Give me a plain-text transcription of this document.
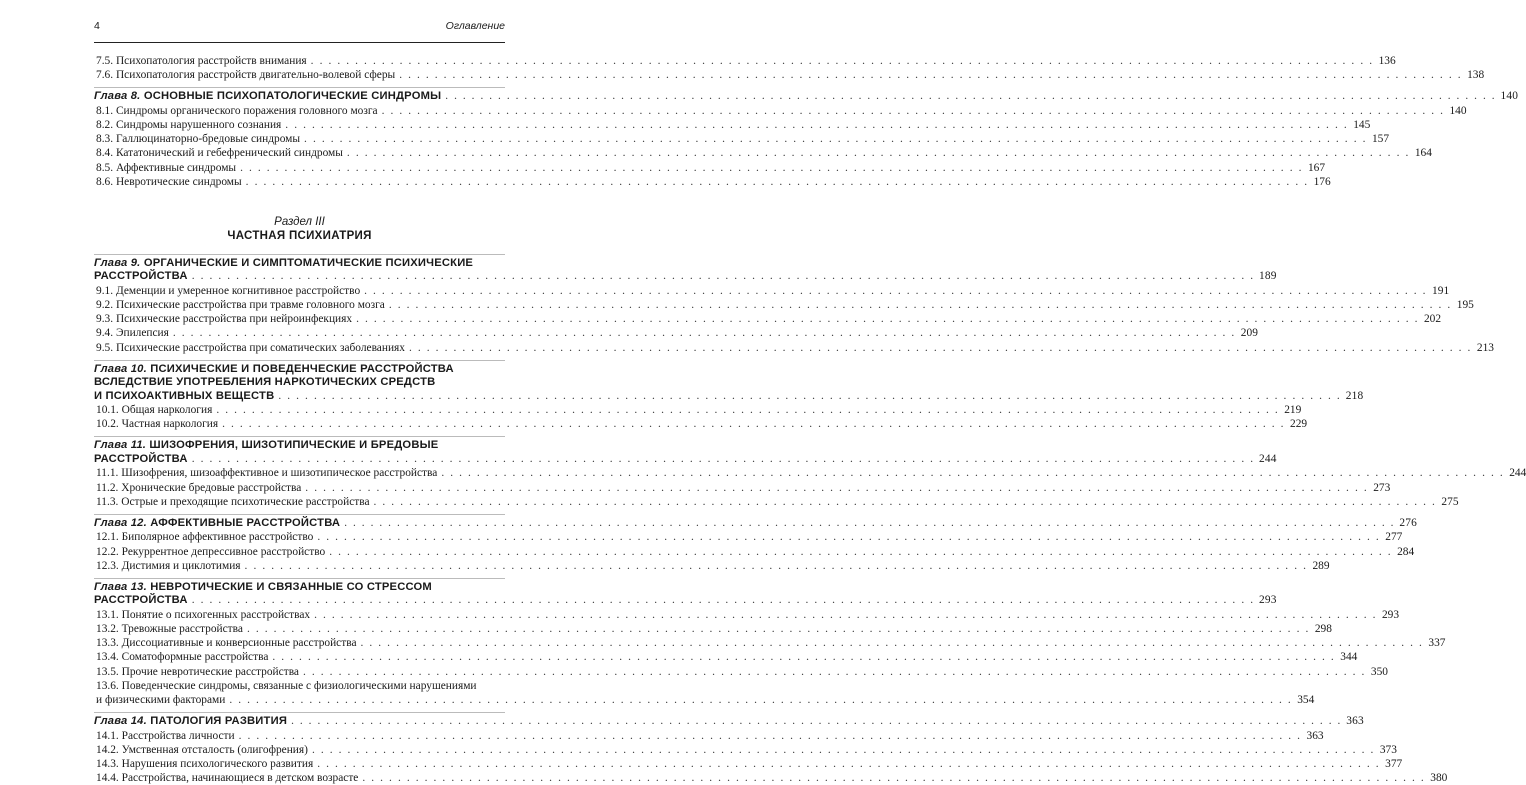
4	Оглавление
7.5. Психопатология расстройств внимания . . . . . . . . . . . . . . . . . . . . . . . . . . . . . . . . . . . . . . . . . . . . . . . . . . . . . . . . . . . . . . . . . . . . . . . . . . . . . . . . . . . . . . . . . . . . . . . . . . . . . . . . . . . . . . . . . . . . . . . . 136
7.6. Психопатология расстройств двигательно-волевой сферы . . . . . . . . . . . . . . . . . . . . . . . . . . . . . . . . . . . . . . . . . . . . . . . . . . . . . . . . . . . . . . . . . . . . . . . . . . . . . . . . . . . . . . . . . . . . . . . . . . . . . . . . . . . . . . . . . . . . . . . . 138
Глава 8. ОСНОВНЫЕ ПСИХОПАТОЛОГИЧЕСКИЕ СИНДРОМЫ . . . . . . . . . . . . . . . . . . . . . . . . . . . . . . . . . . . . . . . . . . . . . . . . . . . . . . . . . . . . . . . . . . . . . . . . . . . . . . . . . . . . . . . . . . . . . . . . . . . . . . . . . . . . . . . . . . . . . . . . 140
8.1. Синдромы органического поражения головного мозга . . . . . . . . . . . . . . . . . . . . . . . . . . . . . . . . . . . . . . . . . . . . . . . . . . . . . . . . . . . . . . . . . . . . . . . . . . . . . . . . . . . . . . . . . . . . . . . . . . . . . . . . . . . . . . . . . . . . . . . . 140
8.2. Синдромы нарушенного сознания . . . . . . . . . . . . . . . . . . . . . . . . . . . . . . . . . . . . . . . . . . . . . . . . . . . . . . . . . . . . . . . . . . . . . . . . . . . . . . . . . . . . . . . . . . . . . . . . . . . . . . . . . . . . . . . . . . . . . . . . 145
8.3. Галлюцинаторно-бредовые синдромы . . . . . . . . . . . . . . . . . . . . . . . . . . . . . . . . . . . . . . . . . . . . . . . . . . . . . . . . . . . . . . . . . . . . . . . . . . . . . . . . . . . . . . . . . . . . . . . . . . . . . . . . . . . . . . . . . . . . . . . . 157
8.4. Кататонический и гебефренический синдромы . . . . . . . . . . . . . . . . . . . . . . . . . . . . . . . . . . . . . . . . . . . . . . . . . . . . . . . . . . . . . . . . . . . . . . . . . . . . . . . . . . . . . . . . . . . . . . . . . . . . . . . . . . . . . . . . . . . . . . . . 164
8.5. Аффективные синдромы . . . . . . . . . . . . . . . . . . . . . . . . . . . . . . . . . . . . . . . . . . . . . . . . . . . . . . . . . . . . . . . . . . . . . . . . . . . . . . . . . . . . . . . . . . . . . . . . . . . . . . . . . . . . . . . . . . . . . . . . 167
8.6. Невротические синдромы . . . . . . . . . . . . . . . . . . . . . . . . . . . . . . . . . . . . . . . . . . . . . . . . . . . . . . . . . . . . . . . . . . . . . . . . . . . . . . . . . . . . . . . . . . . . . . . . . . . . . . . . . . . . . . . . . . . . . . . . 176
Раздел III
ЧАСТНАЯ ПСИХИАТРИЯ
Глава 9. ОРГАНИЧЕСКИЕ И СИМПТОМАТИЧЕСКИЕ ПСИХИЧЕСКИЕ
РАССТРОЙСТВА . . . . . . . . . . . . . . . . . . . . . . . . . . . . . . . . . . . . . . . . . . . . . . . . . . . . . . . . . . . . . . . . . . . . . . . . . . . . . . . . . . . . . . . . . . . . . . . . . . . . . . . . . . . . . . . . . . . . . . . . 189
9.1. Деменции и умеренное когнитивное расстройство . . . . . . . . . . . . . . . . . . . . . . . . . . . . . . . . . . . . . . . . . . . . . . . . . . . . . . . . . . . . . . . . . . . . . . . . . . . . . . . . . . . . . . . . . . . . . . . . . . . . . . . . . . . . . . . . . . . . . . . . 191
9.2. Психические расстройства при травме головного мозга . . . . . . . . . . . . . . . . . . . . . . . . . . . . . . . . . . . . . . . . . . . . . . . . . . . . . . . . . . . . . . . . . . . . . . . . . . . . . . . . . . . . . . . . . . . . . . . . . . . . . . . . . . . . . . . . . . . . . . . . 195
9.3. Психические расстройства при нейроинфекциях . . . . . . . . . . . . . . . . . . . . . . . . . . . . . . . . . . . . . . . . . . . . . . . . . . . . . . . . . . . . . . . . . . . . . . . . . . . . . . . . . . . . . . . . . . . . . . . . . . . . . . . . . . . . . . . . . . . . . . . . 202
9.4. Эпилепсия . . . . . . . . . . . . . . . . . . . . . . . . . . . . . . . . . . . . . . . . . . . . . . . . . . . . . . . . . . . . . . . . . . . . . . . . . . . . . . . . . . . . . . . . . . . . . . . . . . . . . . . . . . . . . . . . . . . . . . . . 209
9.5. Психические расстройства при соматических заболеваниях . . . . . . . . . . . . . . . . . . . . . . . . . . . . . . . . . . . . . . . . . . . . . . . . . . . . . . . . . . . . . . . . . . . . . . . . . . . . . . . . . . . . . . . . . . . . . . . . . . . . . . . . . . . . . . . . . . . . . . . . 213
Глава 10. ПСИХИЧЕСКИЕ И ПОВЕДЕНЧЕСКИЕ РАССТРОЙСТВА
ВСЛЕДСТВИЕ УПОТРЕБЛЕНИЯ НАРКОТИЧЕСКИХ СРЕДСТВ
И ПСИХОАКТИВНЫХ ВЕЩЕСТВ . . . . . . . . . . . . . . . . . . . . . . . . . . . . . . . . . . . . . . . . . . . . . . . . . . . . . . . . . . . . . . . . . . . . . . . . . . . . . . . . . . . . . . . . . . . . . . . . . . . . . . . . . . . . . . . . . . . . . . . . 218
10.1. Общая наркология . . . . . . . . . . . . . . . . . . . . . . . . . . . . . . . . . . . . . . . . . . . . . . . . . . . . . . . . . . . . . . . . . . . . . . . . . . . . . . . . . . . . . . . . . . . . . . . . . . . . . . . . . . . . . . . . . . . . . . . . 219
10.2. Частная наркология . . . . . . . . . . . . . . . . . . . . . . . . . . . . . . . . . . . . . . . . . . . . . . . . . . . . . . . . . . . . . . . . . . . . . . . . . . . . . . . . . . . . . . . . . . . . . . . . . . . . . . . . . . . . . . . . . . . . . . . . 229
Глава 11. ШИЗОФРЕНИЯ, ШИЗОТИПИЧЕСКИЕ И БРЕДОВЫЕ
РАССТРОЙСТВА . . . . . . . . . . . . . . . . . . . . . . . . . . . . . . . . . . . . . . . . . . . . . . . . . . . . . . . . . . . . . . . . . . . . . . . . . . . . . . . . . . . . . . . . . . . . . . . . . . . . . . . . . . . . . . . . . . . . . . . . 244
11.1. Шизофрения, шизоаффективное и шизотипическое расстройства . . . . . . . . . . . . . . . . . . . . . . . . . . . . . . . . . . . . . . . . . . . . . . . . . . . . . . . . . . . . . . . . . . . . . . . . . . . . . . . . . . . . . . . . . . . . . . . . . . . . . . . . . . . . . . . . . . . . . . . . 244
11.2. Хронические бредовые расстройства . . . . . . . . . . . . . . . . . . . . . . . . . . . . . . . . . . . . . . . . . . . . . . . . . . . . . . . . . . . . . . . . . . . . . . . . . . . . . . . . . . . . . . . . . . . . . . . . . . . . . . . . . . . . . . . . . . . . . . . . 273
11.3. Острые и преходящие психотические расстройства . . . . . . . . . . . . . . . . . . . . . . . . . . . . . . . . . . . . . . . . . . . . . . . . . . . . . . . . . . . . . . . . . . . . . . . . . . . . . . . . . . . . . . . . . . . . . . . . . . . . . . . . . . . . . . . . . . . . . . . . 275
Глава 12. АФФЕКТИВНЫЕ РАССТРОЙСТВА . . . . . . . . . . . . . . . . . . . . . . . . . . . . . . . . . . . . . . . . . . . . . . . . . . . . . . . . . . . . . . . . . . . . . . . . . . . . . . . . . . . . . . . . . . . . . . . . . . . . . . . . . . . . . . . . . . . . . . . . 276
12.1. Биполярное аффективное расстройство . . . . . . . . . . . . . . . . . . . . . . . . . . . . . . . . . . . . . . . . . . . . . . . . . . . . . . . . . . . . . . . . . . . . . . . . . . . . . . . . . . . . . . . . . . . . . . . . . . . . . . . . . . . . . . . . . . . . . . . . 277
12.2. Рекуррентное депрессивное расстройство . . . . . . . . . . . . . . . . . . . . . . . . . . . . . . . . . . . . . . . . . . . . . . . . . . . . . . . . . . . . . . . . . . . . . . . . . . . . . . . . . . . . . . . . . . . . . . . . . . . . . . . . . . . . . . . . . . . . . . . . 284
12.3. Дистимия и циклотимия . . . . . . . . . . . . . . . . . . . . . . . . . . . . . . . . . . . . . . . . . . . . . . . . . . . . . . . . . . . . . . . . . . . . . . . . . . . . . . . . . . . . . . . . . . . . . . . . . . . . . . . . . . . . . . . . . . . . . . . . 289
Глава 13. НЕВРОТИЧЕСКИЕ И СВЯЗАННЫЕ СО СТРЕССОМ
РАССТРОЙСТВА . . . . . . . . . . . . . . . . . . . . . . . . . . . . . . . . . . . . . . . . . . . . . . . . . . . . . . . . . . . . . . . . . . . . . . . . . . . . . . . . . . . . . . . . . . . . . . . . . . . . . . . . . . . . . . . . . . . . . . . . 293
13.1. Понятие о психогенных расстройствах . . . . . . . . . . . . . . . . . . . . . . . . . . . . . . . . . . . . . . . . . . . . . . . . . . . . . . . . . . . . . . . . . . . . . . . . . . . . . . . . . . . . . . . . . . . . . . . . . . . . . . . . . . . . . . . . . . . . . . . . 293
13.2. Тревожные расстройства . . . . . . . . . . . . . . . . . . . . . . . . . . . . . . . . . . . . . . . . . . . . . . . . . . . . . . . . . . . . . . . . . . . . . . . . . . . . . . . . . . . . . . . . . . . . . . . . . . . . . . . . . . . . . . . . . . . . . . . . 298
13.3. Диссоциативные и конверсионные расстройства . . . . . . . . . . . . . . . . . . . . . . . . . . . . . . . . . . . . . . . . . . . . . . . . . . . . . . . . . . . . . . . . . . . . . . . . . . . . . . . . . . . . . . . . . . . . . . . . . . . . . . . . . . . . . . . . . . . . . . . . 337
13.4. Соматоформные расстройства . . . . . . . . . . . . . . . . . . . . . . . . . . . . . . . . . . . . . . . . . . . . . . . . . . . . . . . . . . . . . . . . . . . . . . . . . . . . . . . . . . . . . . . . . . . . . . . . . . . . . . . . . . . . . . . . . . . . . . . . 344
13.5. Прочие невротические расстройства . . . . . . . . . . . . . . . . . . . . . . . . . . . . . . . . . . . . . . . . . . . . . . . . . . . . . . . . . . . . . . . . . . . . . . . . . . . . . . . . . . . . . . . . . . . . . . . . . . . . . . . . . . . . . . . . . . . . . . . . 350
13.6. Поведенческие синдромы, связанные с физиологическими нарушениями
и физическими факторами . . . . . . . . . . . . . . . . . . . . . . . . . . . . . . . . . . . . . . . . . . . . . . . . . . . . . . . . . . . . . . . . . . . . . . . . . . . . . . . . . . . . . . . . . . . . . . . . . . . . . . . . . . . . . . . . . . . . . . . . 354
Глава 14. ПАТОЛОГИЯ РАЗВИТИЯ . . . . . . . . . . . . . . . . . . . . . . . . . . . . . . . . . . . . . . . . . . . . . . . . . . . . . . . . . . . . . . . . . . . . . . . . . . . . . . . . . . . . . . . . . . . . . . . . . . . . . . . . . . . . . . . . . . . . . . . . 363
14.1. Расстройства личности . . . . . . . . . . . . . . . . . . . . . . . . . . . . . . . . . . . . . . . . . . . . . . . . . . . . . . . . . . . . . . . . . . . . . . . . . . . . . . . . . . . . . . . . . . . . . . . . . . . . . . . . . . . . . . . . . . . . . . . . 363
14.2. Умственная отсталость (олигофрения) . . . . . . . . . . . . . . . . . . . . . . . . . . . . . . . . . . . . . . . . . . . . . . . . . . . . . . . . . . . . . . . . . . . . . . . . . . . . . . . . . . . . . . . . . . . . . . . . . . . . . . . . . . . . . . . . . . . . . . . . 373
14.3. Нарушения психологического развития . . . . . . . . . . . . . . . . . . . . . . . . . . . . . . . . . . . . . . . . . . . . . . . . . . . . . . . . . . . . . . . . . . . . . . . . . . . . . . . . . . . . . . . . . . . . . . . . . . . . . . . . . . . . . . . . . . . . . . . . 377
14.4. Расстройства, начинающиеся в детском возрасте . . . . . . . . . . . . . . . . . . . . . . . . . . . . . . . . . . . . . . . . . . . . . . . . . . . . . . . . . . . . . . . . . . . . . . . . . . . . . . . . . . . . . . . . . . . . . . . . . . . . . . . . . . . . . . . . . . . . . . . . 380
